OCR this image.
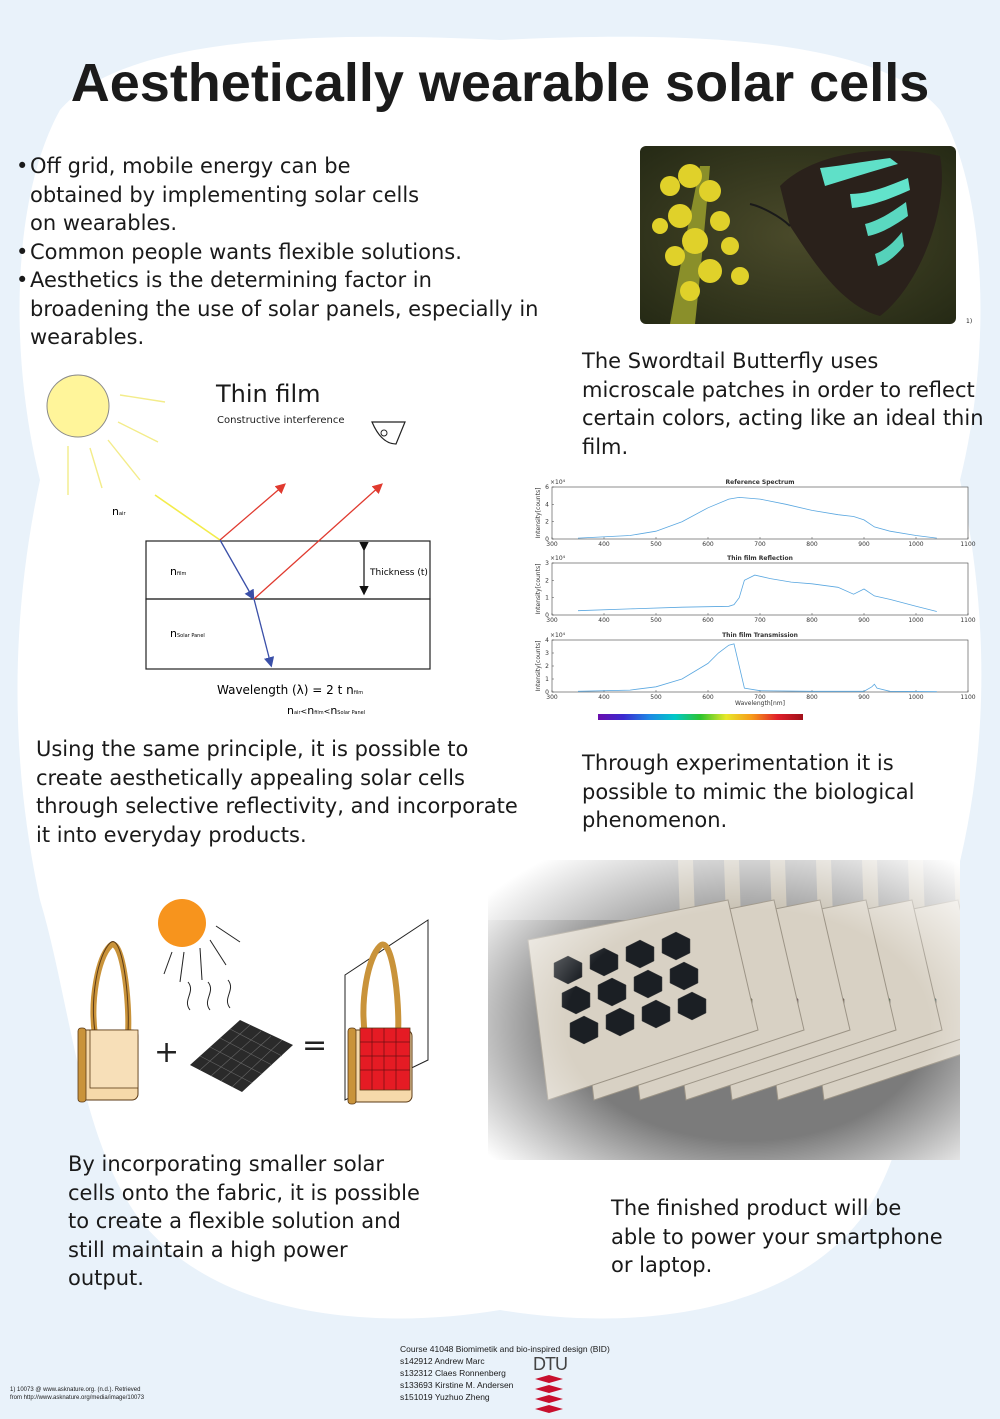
Aesthetically wearable solar cells
• Off grid, mobile energy can be obtained by implementing solar cells on wearables.
• Common people wants flexible solutions.
• Aesthetics is the determining factor in broadening the use of solar panels, especially in wearables.
1)
The Swordtail Butterfly uses microscale patches in order to reflect certain colors, acting like an ideal thin film.
Thin film
Constructive interference
nair
nfilm
nSolar Panel
Thickness (t)
Wavelength (λ) = 2 t nfilm
nair<nfilm<nSolar Panel
Reference Spectrum
×10⁴
300	400	500	600	700	800	900	1000	1100
0
2
4
6
Intensity[counts]
Thin film Reflection
×10⁴
300	400	500	600	700	800	900	1000	1100
0
1
2
3
Intensity[counts]
Thin film Transmission
×10⁴
300	400	500	600	700	800	900	1000	1100
0
1
2
3
4
Intensity[counts]
Wavelength[nm]
Using the same principle, it is possible to create aesthetically appealing solar cells through selective reflectivity, and incorporate it into everyday products.
Through experimentation it is possible to mimic the biological phenomenon.
+	=
By incorporating smaller solar cells onto the fabric, it is possible to create a flexible solution and still maintain a high power output.
The finished product will be able to power your smartphone or laptop.
1) 10073 @ www.asknature.org. (n.d.). Retrieved from http://www.asknature.org/media/image/10073
Course 41048 Biomimetik and bio-inspired design (BID)
s142912 Andrew Marc
s132312 Claes Ronnenberg
s133693 Kirstine M. Andersen
s151019 Yuzhuo Zheng
DTU
